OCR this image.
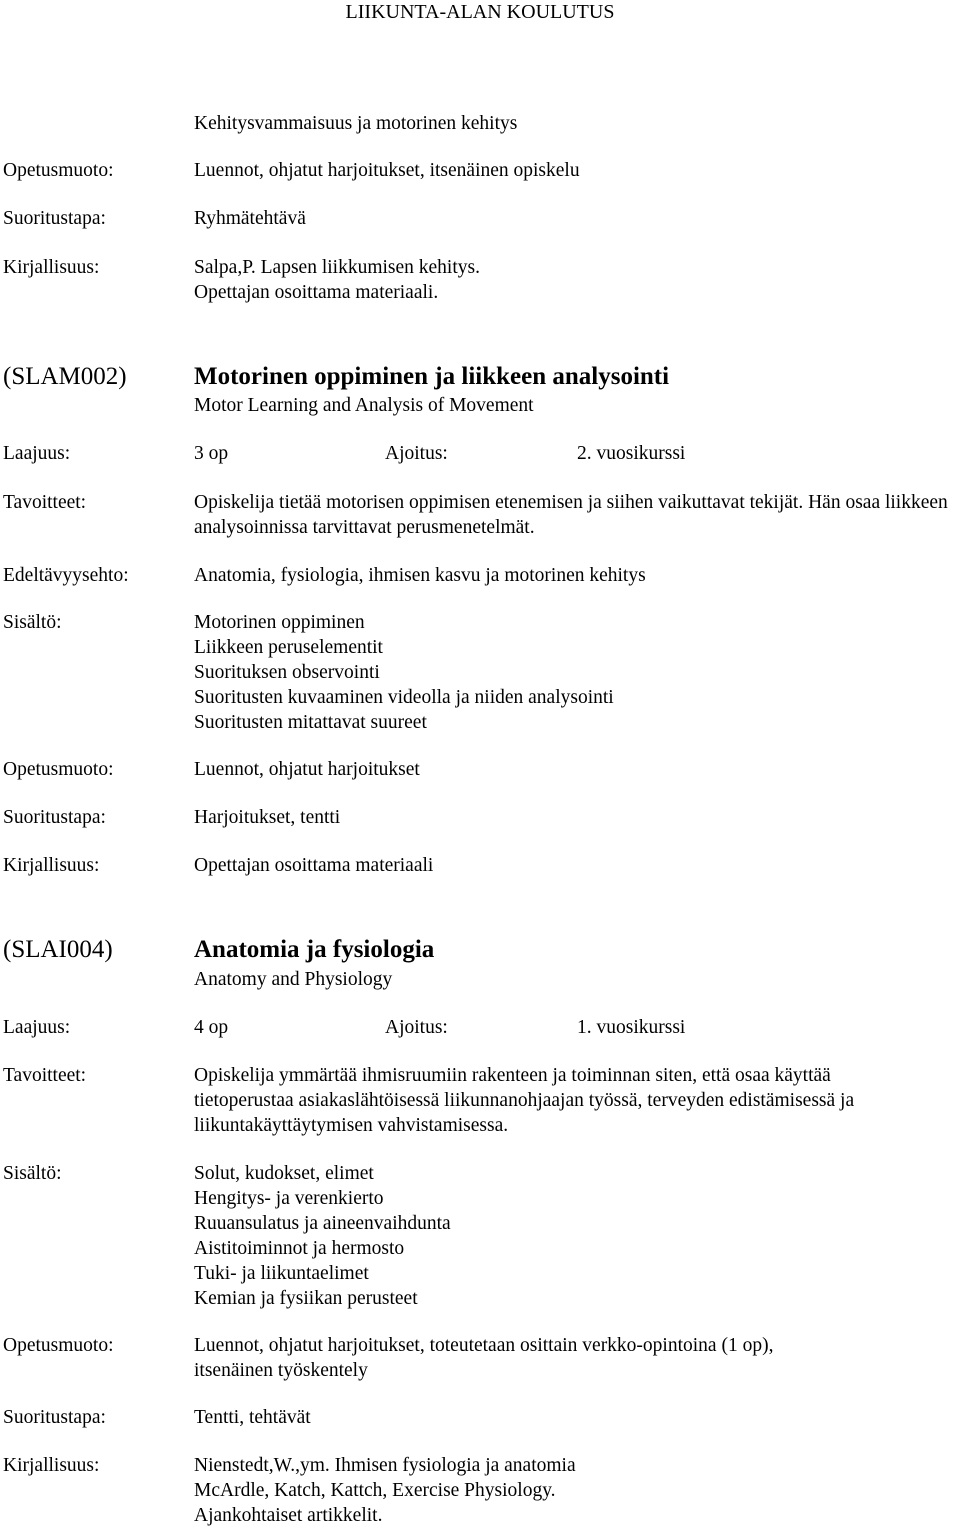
LIIKUNTA-ALAN KOULUTUS
Kehitysvammaisuus ja motorinen kehitys
Opetusmuoto:	Luennot, ohjatut harjoitukset, itsenäinen opiskelu
Suoritustapa:	Ryhmätehtävä
Kirjallisuus:	Salpa,P. Lapsen liikkumisen kehitys.
Opettajan osoittama materiaali.
(SLAM002)	Motorinen oppiminen ja liikkeen analysointi
Motor Learning and Analysis of Movement
Laajuus:	3 op	Ajoitus:	2. vuosikurssi
Tavoitteet:	Opiskelija tietää motorisen oppimisen etenemisen ja siihen vaikuttavat tekijät. Hän osaa liikkeen analysoinnissa tarvittavat perusmenetelmät.
Edeltävyysehto:	Anatomia, fysiologia, ihmisen kasvu ja motorinen kehitys
Sisältö:	Motorinen oppiminen
Liikkeen peruselementit
Suorituksen observointi
Suoritusten kuvaaminen videolla ja niiden analysointi
Suoritusten mitattavat suureet
Opetusmuoto:	Luennot, ohjatut harjoitukset
Suoritustapa:	Harjoitukset, tentti
Kirjallisuus:	Opettajan osoittama materiaali
(SLAI004)	Anatomia ja fysiologia
Anatomy and Physiology
Laajuus:	4 op	Ajoitus:	1. vuosikurssi
Tavoitteet:	Opiskelija ymmärtää ihmisruumiin rakenteen ja toiminnan siten, että osaa käyttää
tietoperustaa asiakaslähtöisessä liikunnanohjaajan työssä, terveyden edistämisessä ja
liikuntakäyttäytymisen vahvistamisessa.
Sisältö:	Solut, kudokset, elimet
Hengitys- ja verenkierto
Ruuansulatus ja aineenvaihdunta
Aistitoiminnot ja hermosto
Tuki- ja liikuntaelimet
Kemian ja fysiikan perusteet
Opetusmuoto:	Luennot, ohjatut harjoitukset, toteutetaan osittain verkko-opintoina (1 op),
itsenäinen työskentely
Suoritustapa:	Tentti, tehtävät
Kirjallisuus:	Nienstedt,W.,ym. Ihmisen fysiologia ja anatomia
McArdle, Katch, Kattch, Exercise Physiology.
Ajankohtaiset artikkelit.
